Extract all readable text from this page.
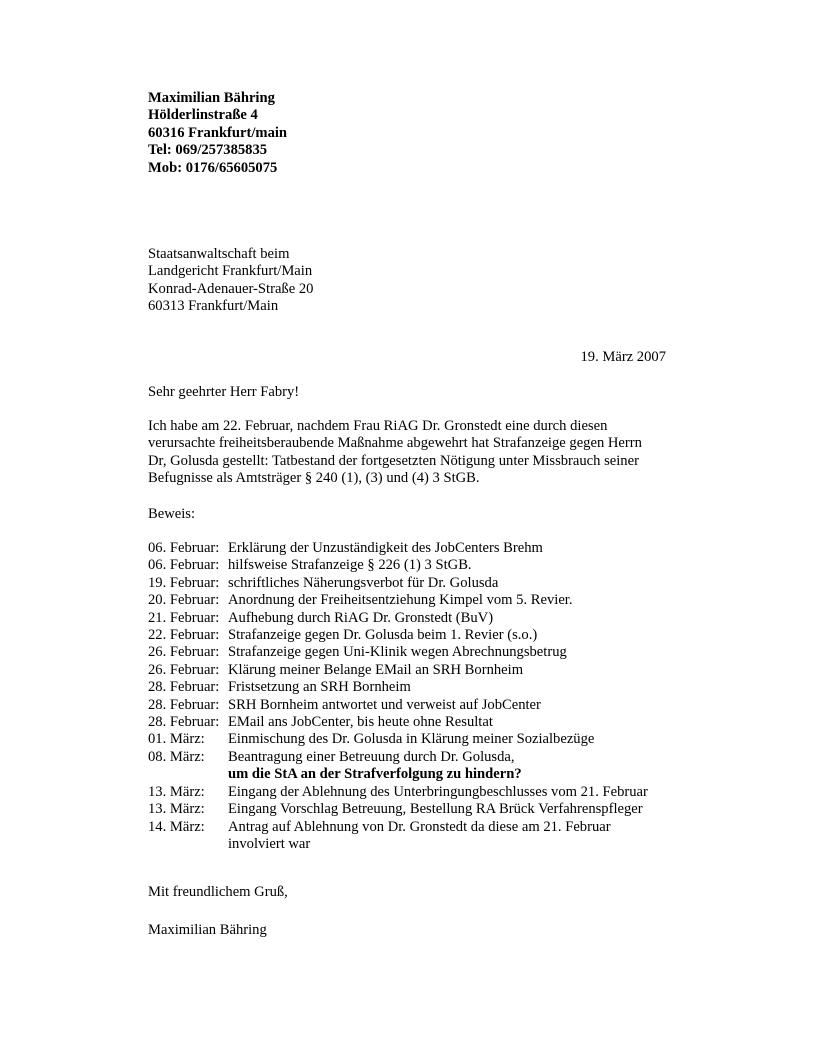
Maximilian Bähring
Hölderlinstraße 4
60316 Frankfurt/main
Tel: 069/257385835
Mob: 0176/65605075
Staatsanwaltschaft beim
Landgericht Frankfurt/Main
Konrad-Adenauer-Straße 20
60313 Frankfurt/Main
19. März 2007
Sehr geehrter Herr Fabry!
Ich habe am 22. Februar, nachdem Frau RiAG Dr. Gronstedt eine durch diesen
verursachte freiheitsberaubende Maßnahme abgewehrt hat Strafanzeige gegen Herrn
Dr, Golusda gestellt: Tatbestand der fortgesetzten Nötigung unter Missbrauch seiner
Befugnisse als Amtsträger § 240 (1), (3) und (4) 3 StGB.
Beweis:
06. Februar: Erklärung der Unzuständigkeit des JobCenters Brehm
06. Februar: hilfsweise Strafanzeige § 226 (1) 3 StGB.
19. Februar: schriftliches Näherungsverbot für Dr. Golusda
20. Februar: Anordnung der Freiheitsentziehung Kimpel vom 5. Revier.
21. Februar: Aufhebung durch RiAG Dr. Gronstedt (BuV)
22. Februar: Strafanzeige gegen Dr. Golusda beim 1. Revier (s.o.)
26. Februar: Strafanzeige gegen Uni-Klinik wegen Abrechnungsbetrug
26. Februar: Klärung meiner Belange EMail an SRH Bornheim
28. Februar: Fristsetzung an SRH Bornheim
28. Februar: SRH Bornheim antwortet und verweist auf JobCenter
28. Februar: EMail ans JobCenter, bis heute ohne Resultat
01. März:	Einmischung des Dr. Golusda in Klärung meiner Sozialbezüge
08. März:	Beantragung einer Betreuung durch Dr. Golusda,
um die StA an der Strafverfolgung zu hindern?
13. März:	Eingang der Ablehnung des Unterbringungbeschlusses vom 21. Februar
13. März:	Eingang Vorschlag Betreuung, Bestellung RA Brück Verfahrenspfleger
14. März:	Antrag auf Ablehnung von Dr. Gronstedt da diese am 21. Februar
involviert war
Mit freundlichem Gruß,
Maximilian Bähring
